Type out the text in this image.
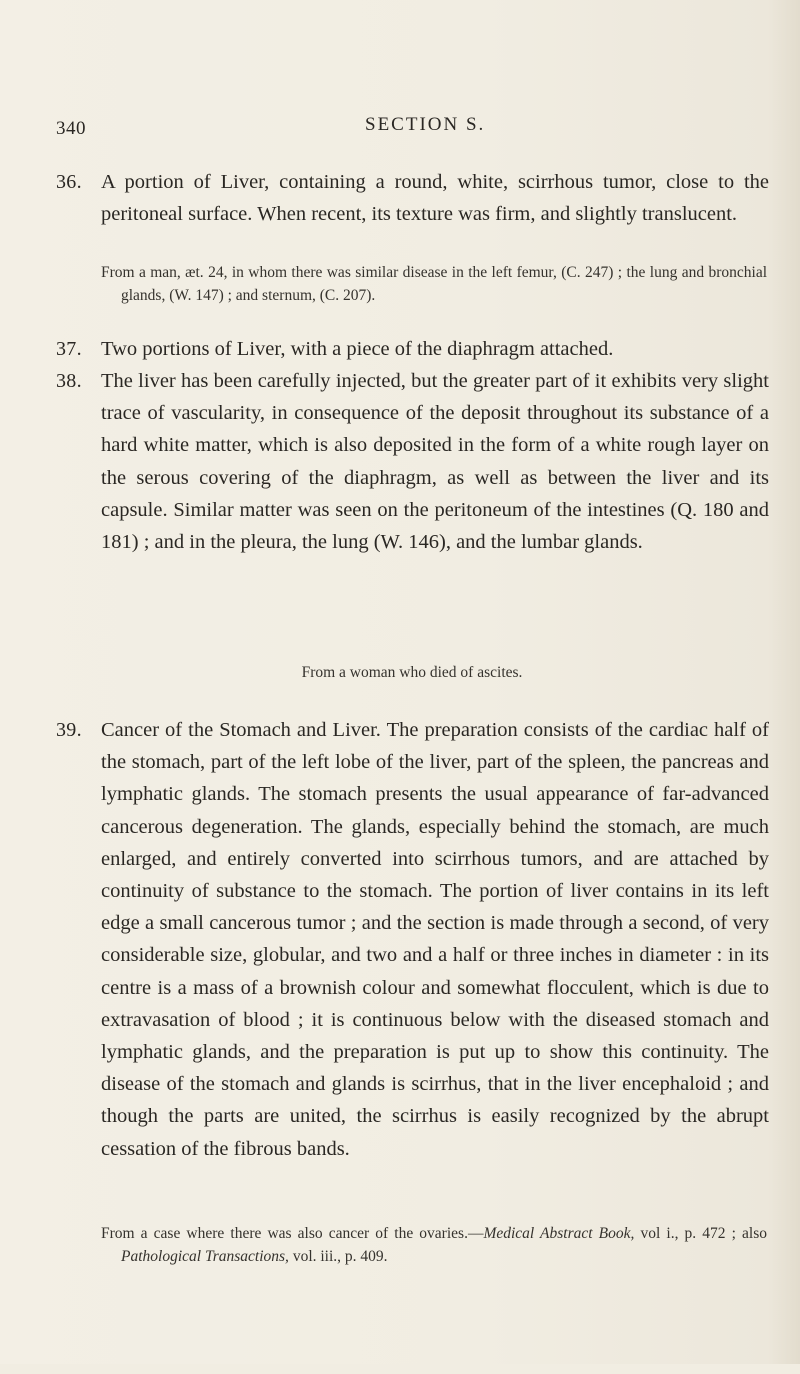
340	SECTION S.
36. A portion of Liver, containing a round, white, scirrhous tumor, close to the peritoneal surface. When recent, its texture was firm, and slightly translucent.
From a man, æt. 24, in whom there was similar disease in the left femur, (C. 247) ; the lung and bronchial glands, (W. 147) ; and sternum, (C. 207).
37. Two portions of Liver, with a piece of the diaphragm attached.
38. The liver has been carefully injected, but the greater part of it exhibits very slight trace of vascularity, in consequence of the deposit throughout its substance of a hard white matter, which is also deposited in the form of a white rough layer on the serous covering of the diaphragm, as well as between the liver and its capsule. Similar matter was seen on the peritoneum of the intestines (Q. 180 and 181) ; and in the pleura, the lung (W. 146), and the lumbar glands.
From a woman who died of ascites.
39. Cancer of the Stomach and Liver. The preparation consists of the cardiac half of the stomach, part of the left lobe of the liver, part of the spleen, the pancreas and lymphatic glands. The stomach presents the usual appearance of far-advanced cancerous degeneration. The glands, especially behind the stomach, are much enlarged, and entirely converted into scirrhous tumors, and are attached by continuity of substance to the stomach. The portion of liver contains in its left edge a small cancerous tumor ; and the section is made through a second, of very considerable size, globular, and two and a half or three inches in diameter : in its centre is a mass of a brownish colour and somewhat flocculent, which is due to extravasation of blood ; it is continuous below with the diseased stomach and lymphatic glands, and the preparation is put up to show this continuity. The disease of the stomach and glands is scirrhus, that in the liver encephaloid ; and though the parts are united, the scirrhus is easily recognized by the abrupt cessation of the fibrous bands.
From a case where there was also cancer of the ovaries.—Medical Abstract Book, vol i., p. 472 ; also Pathological Transactions, vol. iii., p. 409.
